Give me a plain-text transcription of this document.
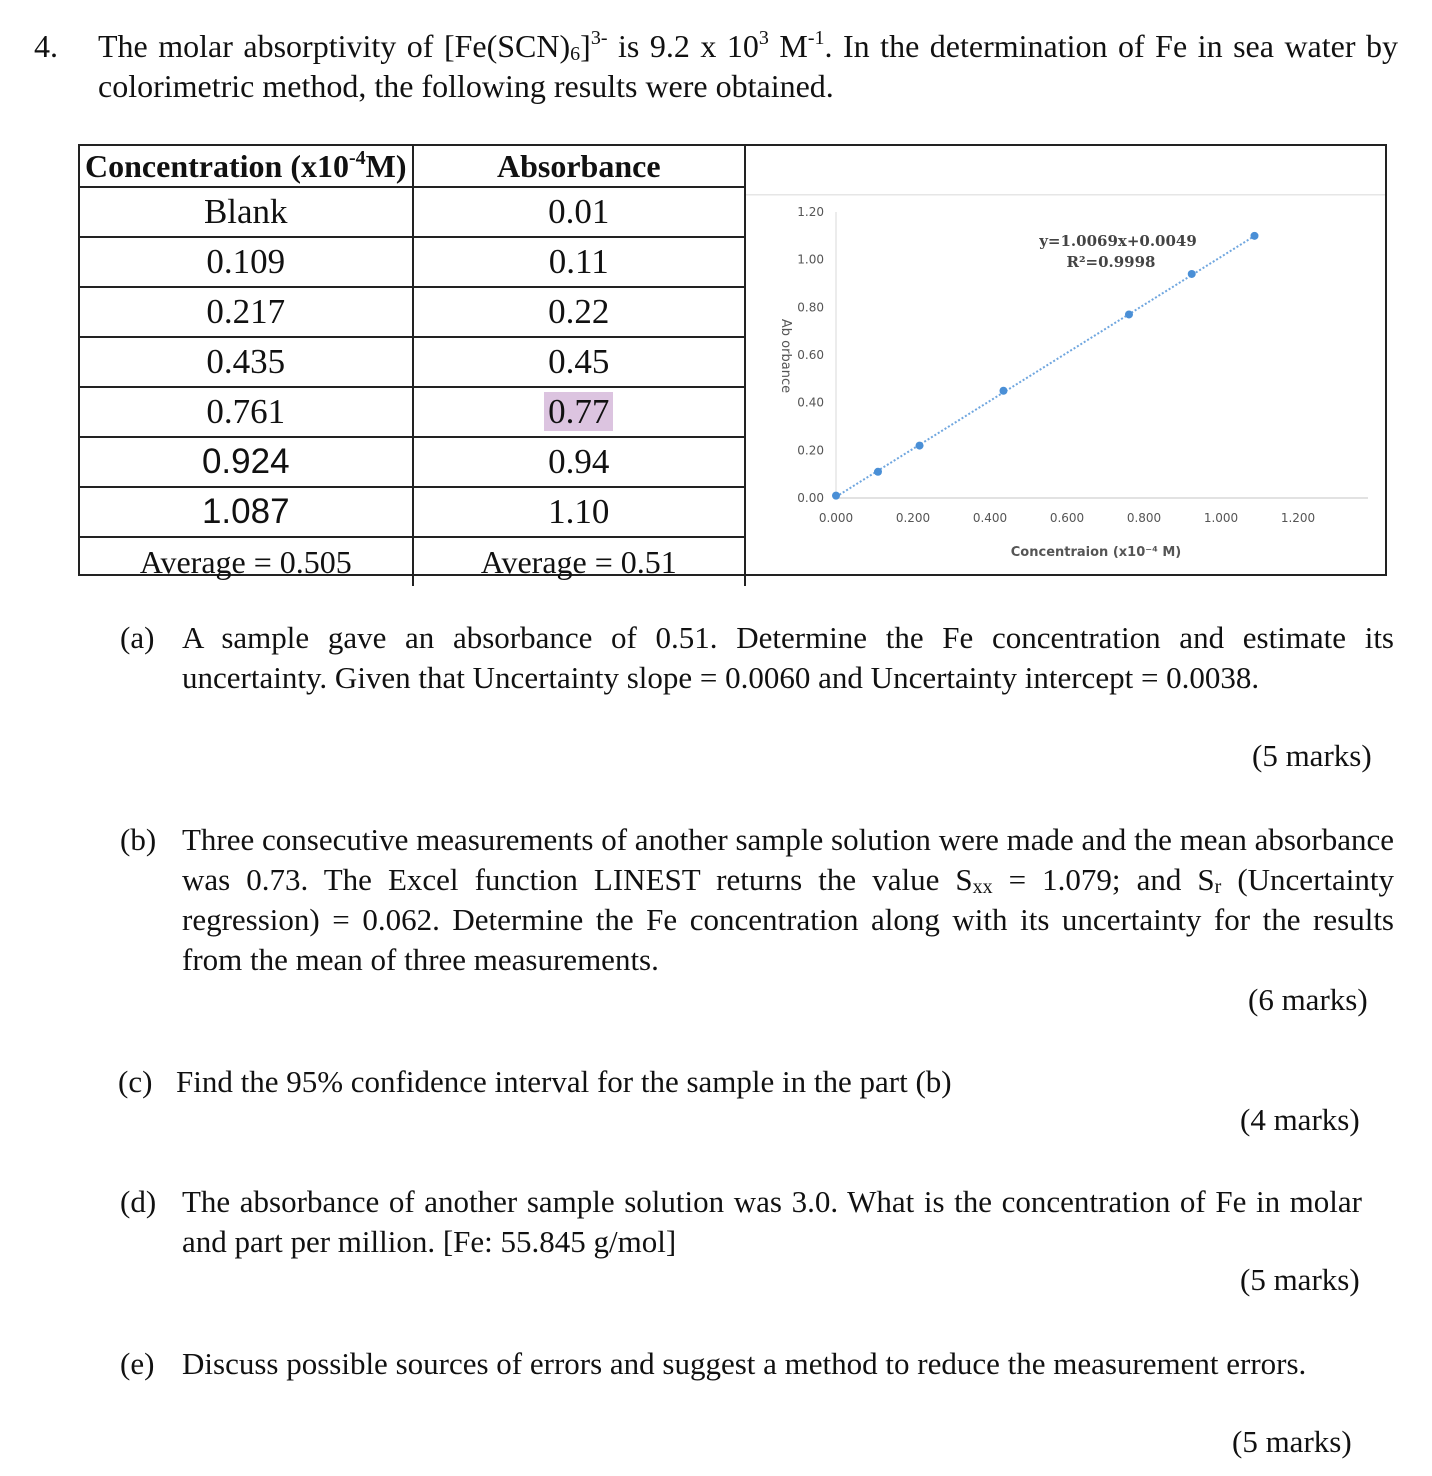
4. The molar absorptivity of $[Fe(SCN)_6]^{3-}$ is 9.2 x $10^3$ $M^{-1}$. In the determination of Fe in sea water by colorimetric method, the following results were obtained.
Concentration $(x10^{-4}M)$	Absorbance
Blank	0.01
0.109	0.11
0.217	0.22
0.435	0.45
0.761	0.77
0.924	0.94
1.087	1.10
Average = 0.505	Average = 0.51
0.00
0.20
0.40
0.60
0.80
1.00
1.20
0.000	0.200	0.400	0.600	0.800	1.000	1.200
y=1.0069x+0.0049
R²=0.9998
Concentraion (x10⁻⁴ M)
Ab orbance
(a) A sample gave an absorbance of 0.51. Determine the Fe concentration and estimate its uncertainty. Given that Uncertainty slope = 0.0060 and Uncertainty intercept = 0.0038.
(5 marks)
(b) Three consecutive measurements of another sample solution were made and the mean absorbance was 0.73. The Excel function LINEST returns the value $S_{xx} = 1.079$; and $S_r$ (Uncertainty regression) = 0.062. Determine the Fe concentration along with its uncertainty for the results from the mean of three measurements.
(6 marks)
(c) Find the 95% confidence interval for the sample in the part (b)
(4 marks)
(d) The absorbance of another sample solution was 3.0. What is the concentration of Fe in molar and part per million. [Fe: 55.845 g/mol]
(5 marks)
(e) Discuss possible sources of errors and suggest a method to reduce the measurement errors.
(5 marks)
